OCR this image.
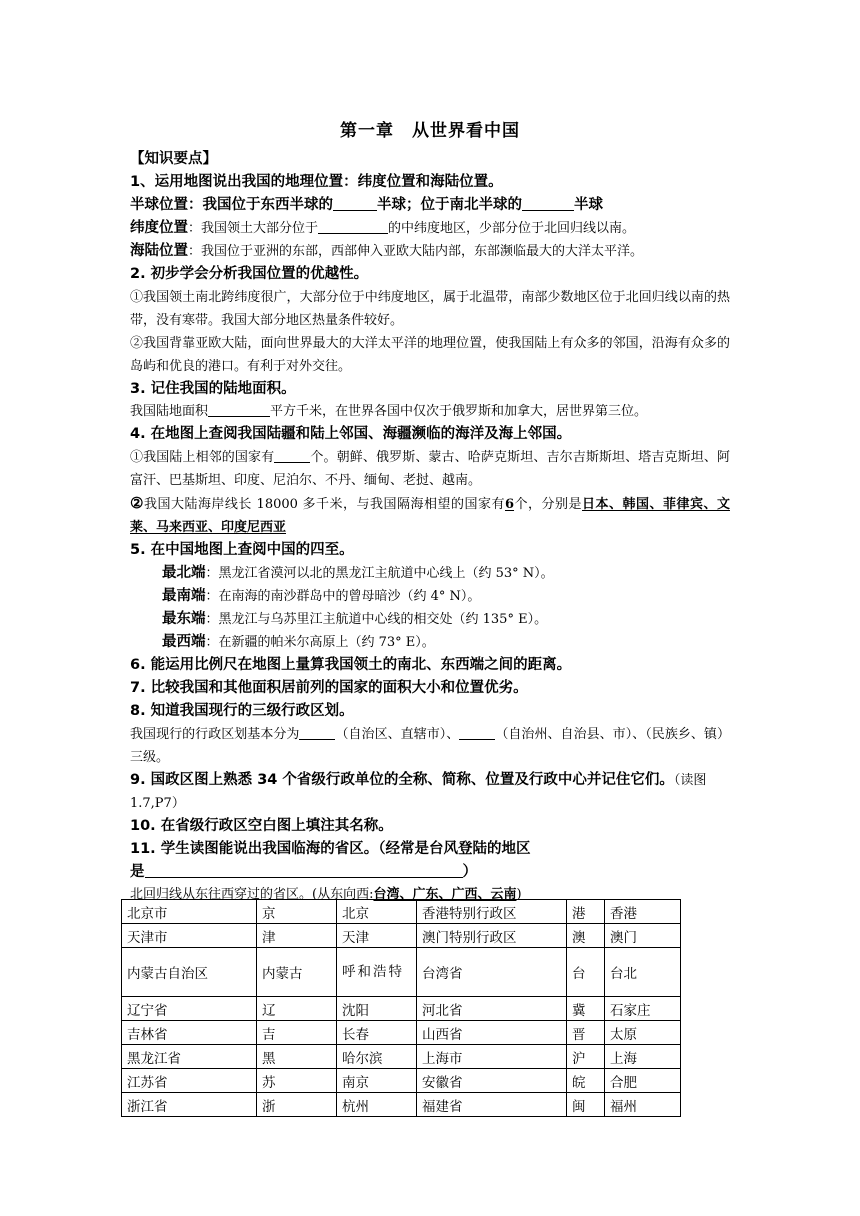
第一章　从世界看中国

【知识要点】

1、运用地图说出我国的地理位置：纬度位置和海陆位置。

半球位置：我国位于东西半球的	半球；位于南北半球的	半球

纬度位置：我国领土大部分位于	的中纬度地区，少部分位于北回归线以南。

海陆位置：我国位于亚洲的东部，西部伸入亚欧大陆内部，东部濒临最大的大洋太平洋。

2. 初步学会分析我国位置的优越性。

①我国领土南北跨纬度很广，大部分位于中纬度地区，属于北温带，南部少数地区位于北回归线以南的热带，没有寒带。我国大部分地区热量条件较好。

②我国背靠亚欧大陆，面向世界最大的大洋太平洋的地理位置，使我国陆上有众多的邻国，沿海有众多的岛屿和优良的港口。有利于对外交往。

3. 记住我国的陆地面积。

我国陆地面积	平方千米，在世界各国中仅次于俄罗斯和加拿大，居世界第三位。

4. 在地图上查阅我国陆疆和陆上邻国、海疆濒临的海洋及海上邻国。

①我国陆上相邻的国家有	个。朝鲜、俄罗斯、蒙古、哈萨克斯坦、吉尔吉斯斯坦、塔吉克斯坦、阿富汗、巴基斯坦、印度、尼泊尔、不丹、缅甸、老挝、越南。

②我国大陆海岸线长 18000 多千米，与我国隔海相望的国家有6个，分别是日本、韩国、菲律宾、文莱、马来西亚、印度尼西亚

5. 在中国地图上查阅中国的四至。

最北端：黑龙江省漠河以北的黑龙江主航道中心线上（约 53° N）。

最南端：在南海的南沙群岛中的曾母暗沙（约 4° N）。

最东端：黑龙江与乌苏里江主航道中心线的相交处（约 135° E）。

最西端：在新疆的帕米尔高原上（约 73° E）。

6. 能运用比例尺在地图上量算我国领土的南北、东西端之间的距离。

7. 比较我国和其他面积居前列的国家的面积大小和位置优劣。

8. 知道我国现行的三级行政区划。

我国现行的行政区划基本分为	（自治区、直辖市）、	（自治州、自治县、市）、（民族乡、镇）三级。

9. 国政区图上熟悉 34 个省级行政单位的全称、简称、位置及行政中心并记住它们。（读图 1.7,P7）

10. 在省级行政区空白图上填注其名称。

11. 学生读图能说出我国临海的省区。（经常是台风登陆的地区

是	）

北回归线从东往西穿过的省区。(从东向西:台湾、广东、广西、云南)

北京市	京	北京	香港特别行政区	港	香港
天津市	津	天津	澳门特别行政区	澳	澳门
内蒙古自治区	内蒙古	呼和浩特	台湾省	台	台北
辽宁省	辽	沈阳	河北省	冀	石家庄
吉林省	吉	长春	山西省	晋	太原
黑龙江省	黑	哈尔滨	上海市	沪	上海
江苏省	苏	南京	安徽省	皖	合肥
浙江省	浙	杭州	福建省	闽	福州
